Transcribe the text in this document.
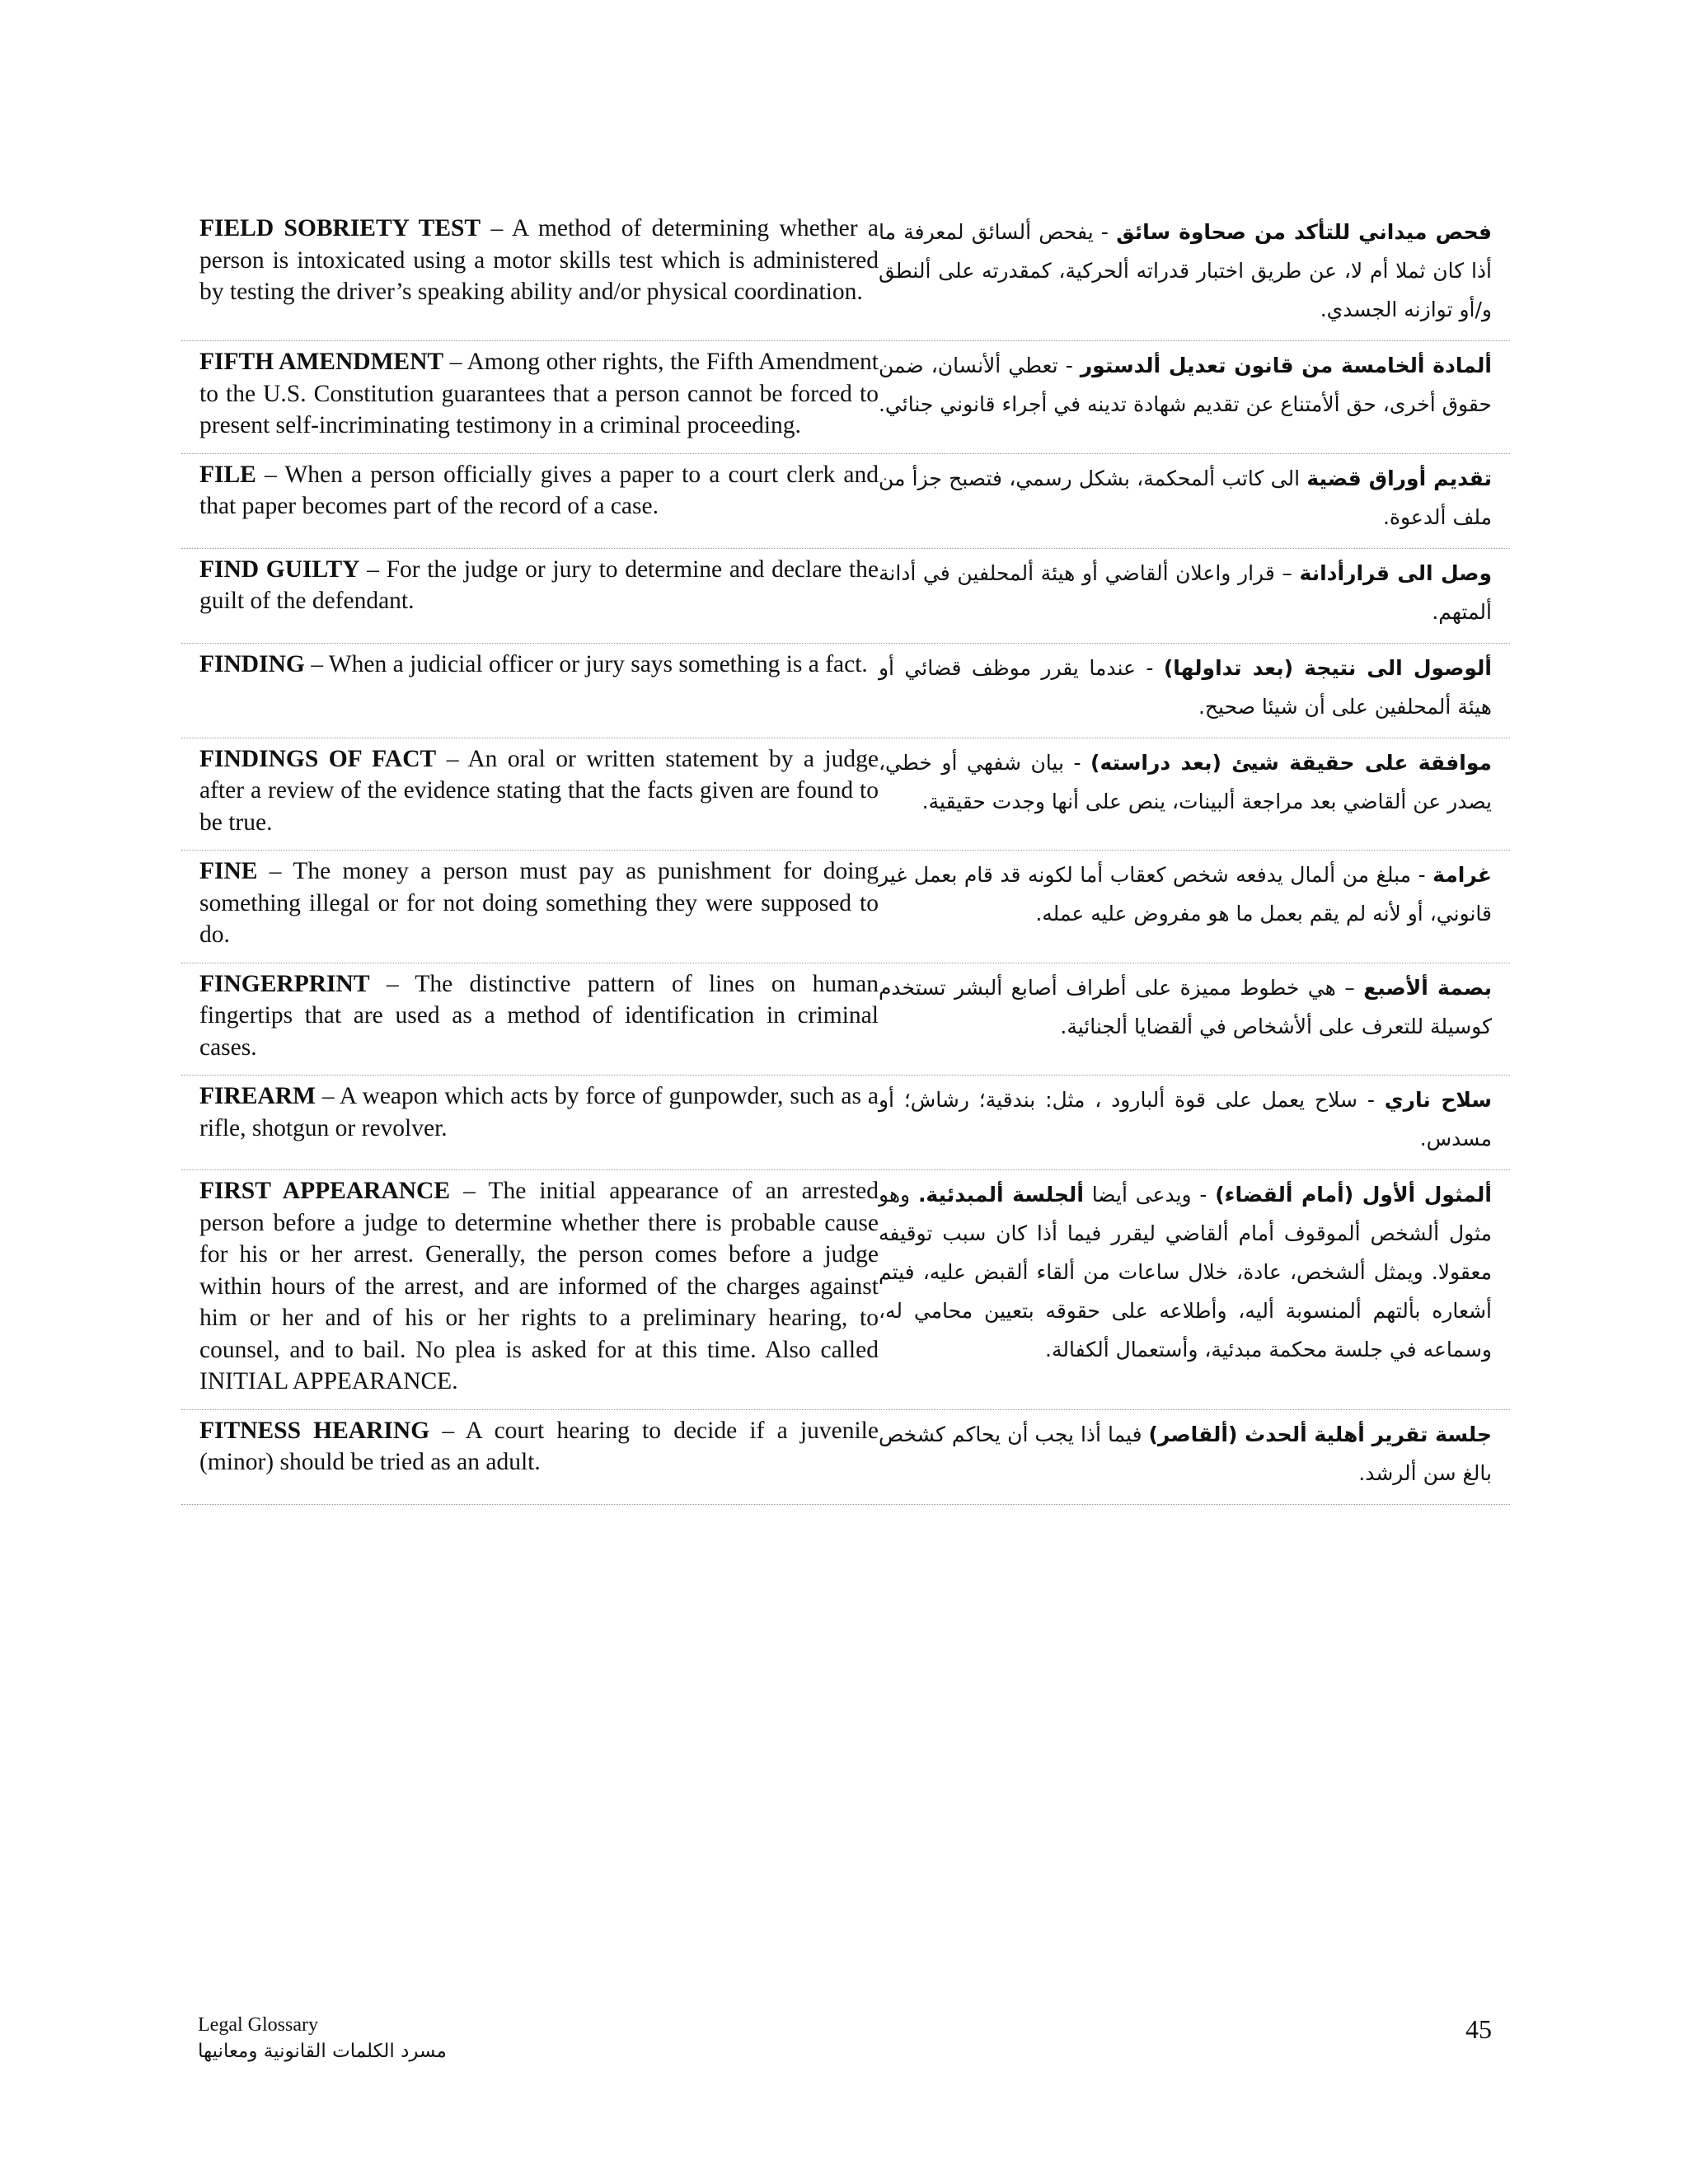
FIELD SOBRIETY TEST – A method of determining whether a person is intoxicated using a motor skills test which is administered by testing the driver’s speaking ability and/or physical coordination.
فحص ميداني للتأكد من صحاوة سائق - يفحص ألسائق لمعرفة ما أذا كان ثملا أم لا، عن طريق اختبار قدراته ألحركية، كمقدرته على ألنطق و/أو توازنه الجسدي.
FIFTH AMENDMENT – Among other rights, the Fifth Amendment to the U.S. Constitution guarantees that a person cannot be forced to present self-incriminating testimony in a criminal proceeding.
ألمادة ألخامسة من قانون تعديل ألدستور - تعطي ألأنسان، ضمن حقوق أخرى، حق ألأمتناع عن تقديم شهادة تدينه في أجراء قانوني جنائي.
FILE – When a person officially gives a paper to a court clerk and that paper becomes part of the record of a case.
تقديم أوراق قضية الى كاتب ألمحكمة، بشكل رسمي، فتصبح جزأ من ملف ألدعوة.
FIND GUILTY – For the judge or jury to determine and declare the guilt of the defendant.
وصل الى قرارأدانة – قرار واعلان ألقاضي أو هيئة ألمحلفين في أدانة ألمتهم.
FINDING – When a judicial officer or jury says something is a fact.	ألوصول الى نتيجة (بعد تداولها) - عندما يقرر موظف قضائي أو هيئة ألمحلفين على أن شيئا صحيح.
FINDINGS OF FACT – An oral or written statement by a judge after a review of the evidence stating that the facts given are found to be true.
موافقة على حقيقة شيئ (بعد دراسته) - بيان شفهي أو خطي، يصدر عن ألقاضي بعد مراجعة ألبينات، ينص على أنها وجدت حقيقية.
FINE – The money a person must pay as punishment for doing something illegal or for not doing something they were supposed to do.
غرامة - مبلغ من ألمال يدفعه شخص كعقاب أما لكونه قد قام بعمل غير قانوني، أو لأنه لم يقم بعمل ما هو مفروض عليه عمله.
FINGERPRINT – The distinctive pattern of lines on human fingertips that are used as a method of identification in criminal cases.
بصمة ألأصبع – هي خطوط مميزة على أطراف أصابع ألبشر تستخدم كوسيلة للتعرف على ألأشخاص في ألقضايا ألجنائية.
FIREARM – A weapon which acts by force of gunpowder, such as a rifle, shotgun or revolver.
سلاح ناري - سلاح يعمل على قوة ألبارود ، مثل: بندقية؛ رشاش؛ أو مسدس.
FIRST APPEARANCE – The initial appearance of an arrested person before a judge to determine whether there is probable cause for his or her arrest. Generally, the person comes before a judge within hours of the arrest, and are informed of the charges against him or her and of his or her rights to a preliminary hearing, to counsel, and to bail. No plea is asked for at this time. Also called INITIAL APPEARANCE.
ألمثول ألأول (أمام ألقضاء) - ويدعى أيضا ألجلسة ألمبدئية. وهو مثول ألشخص ألموقوف أمام ألقاضي ليقرر فيما أذا كان سبب توقيفه معقولا. ويمثل ألشخص، عادة، خلال ساعات من ألقاء ألقبض عليه، فيتم أشعاره بألتهم ألمنسوبة أليه، وأطلاعه على حقوقه بتعيين محامي له، وسماعه في جلسة محكمة مبدئية، وأستعمال ألكفالة.
FITNESS HEARING – A court hearing to decide if a juvenile (minor) should be tried as an adult.
جلسة تقرير أهلية ألحدث (ألقاصر) فيما أذا يجب أن يحاكم كشخص بالغ سن ألرشد.
Legal Glossary
مسرد الكلمات القانونية ومعانيها
45
